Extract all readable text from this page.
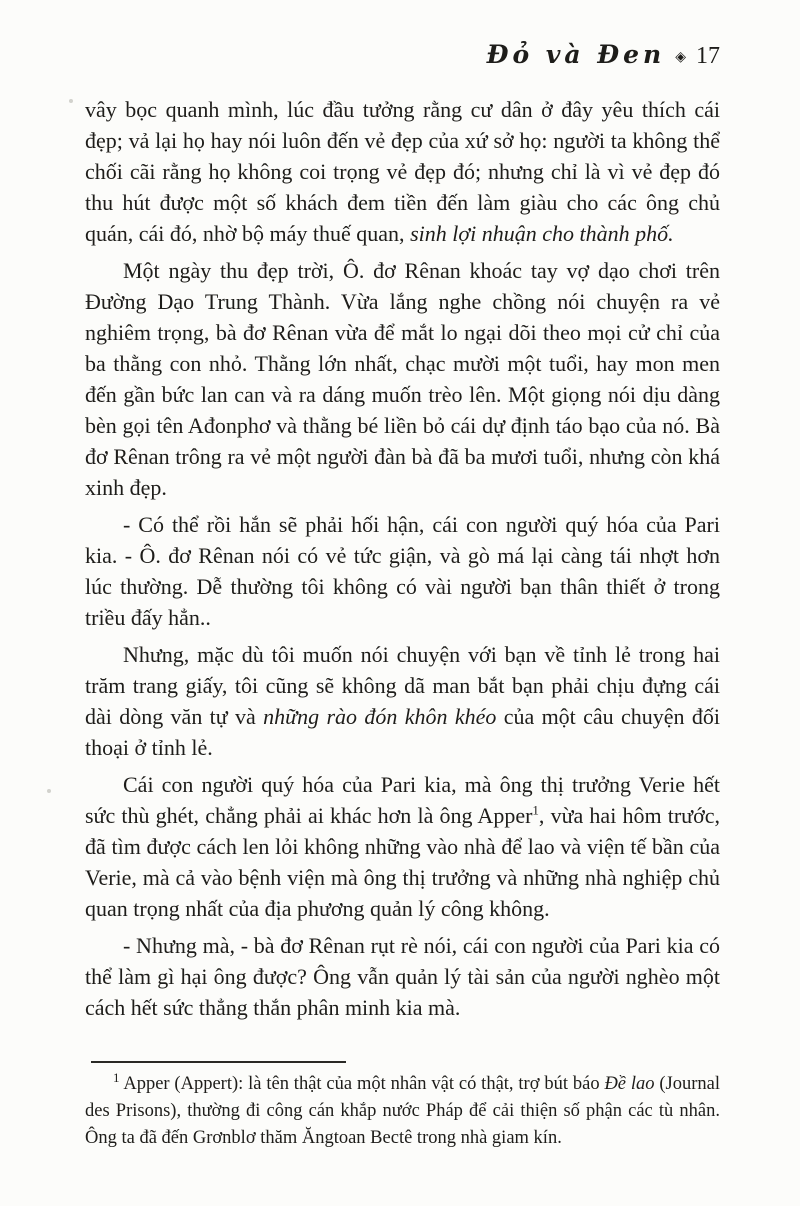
Đỏ và Đen ◈ 17

vây bọc quanh mình, lúc đầu tưởng rằng cư dân ở đây yêu thích cái đẹp; vả lại họ hay nói luôn đến vẻ đẹp của xứ sở họ: người ta không thể chối cãi rằng họ không coi trọng vẻ đẹp đó; nhưng chỉ là vì vẻ đẹp đó thu hút được một số khách đem tiền đến làm giàu cho các ông chủ quán, cái đó, nhờ bộ máy thuế quan, sinh lợi nhuận cho thành phố.

Một ngày thu đẹp trời, Ô. đơ Rênan khoác tay vợ dạo chơi trên Đường Dạo Trung Thành. Vừa lắng nghe chồng nói chuyện ra vẻ nghiêm trọng, bà đơ Rênan vừa để mắt lo ngại dõi theo mọi cử chỉ của ba thằng con nhỏ. Thằng lớn nhất, chạc mười một tuổi, hay mon men đến gần bức lan can và ra dáng muốn trèo lên. Một giọng nói dịu dàng bèn gọi tên Ađonphơ và thằng bé liền bỏ cái dự định táo bạo của nó. Bà đơ Rênan trông ra vẻ một người đàn bà đã ba mươi tuổi, nhưng còn khá xinh đẹp.

- Có thể rồi hắn sẽ phải hối hận, cái con người quý hóa của Pari kia. - Ô. đơ Rênan nói có vẻ tức giận, và gò má lại càng tái nhợt hơn lúc thường. Dễ thường tôi không có vài người bạn thân thiết ở trong triều đấy hẳn..

Nhưng, mặc dù tôi muốn nói chuyện với bạn về tỉnh lẻ trong hai trăm trang giấy, tôi cũng sẽ không dã man bắt bạn phải chịu đựng cái dài dòng văn tự và những rào đón khôn khéo của một câu chuyện đối thoại ở tỉnh lẻ.

Cái con người quý hóa của Pari kia, mà ông thị trưởng Verie hết sức thù ghét, chẳng phải ai khác hơn là ông Apper$^1$, vừa hai hôm trước, đã tìm được cách len lỏi không những vào nhà để lao và viện tế bần của Verie, mà cả vào bệnh viện mà ông thị trưởng và những nhà nghiệp chủ quan trọng nhất của địa phương quản lý công không.

- Nhưng mà, - bà đơ Rênan rụt rè nói, cái con người của Pari kia có thể làm gì hại ông được? Ông vẫn quản lý tài sản của người nghèo một cách hết sức thẳng thắn phân minh kia mà.

$^1$ Apper (Appert): là tên thật của một nhân vật có thật, trợ bút báo Đề lao (Journal des Prisons), thường đi công cán khắp nước Pháp để cải thiện số phận các tù nhân. Ông ta đã đến Grơnblơ thăm Ăngtoan Bectê trong nhà giam kín.
